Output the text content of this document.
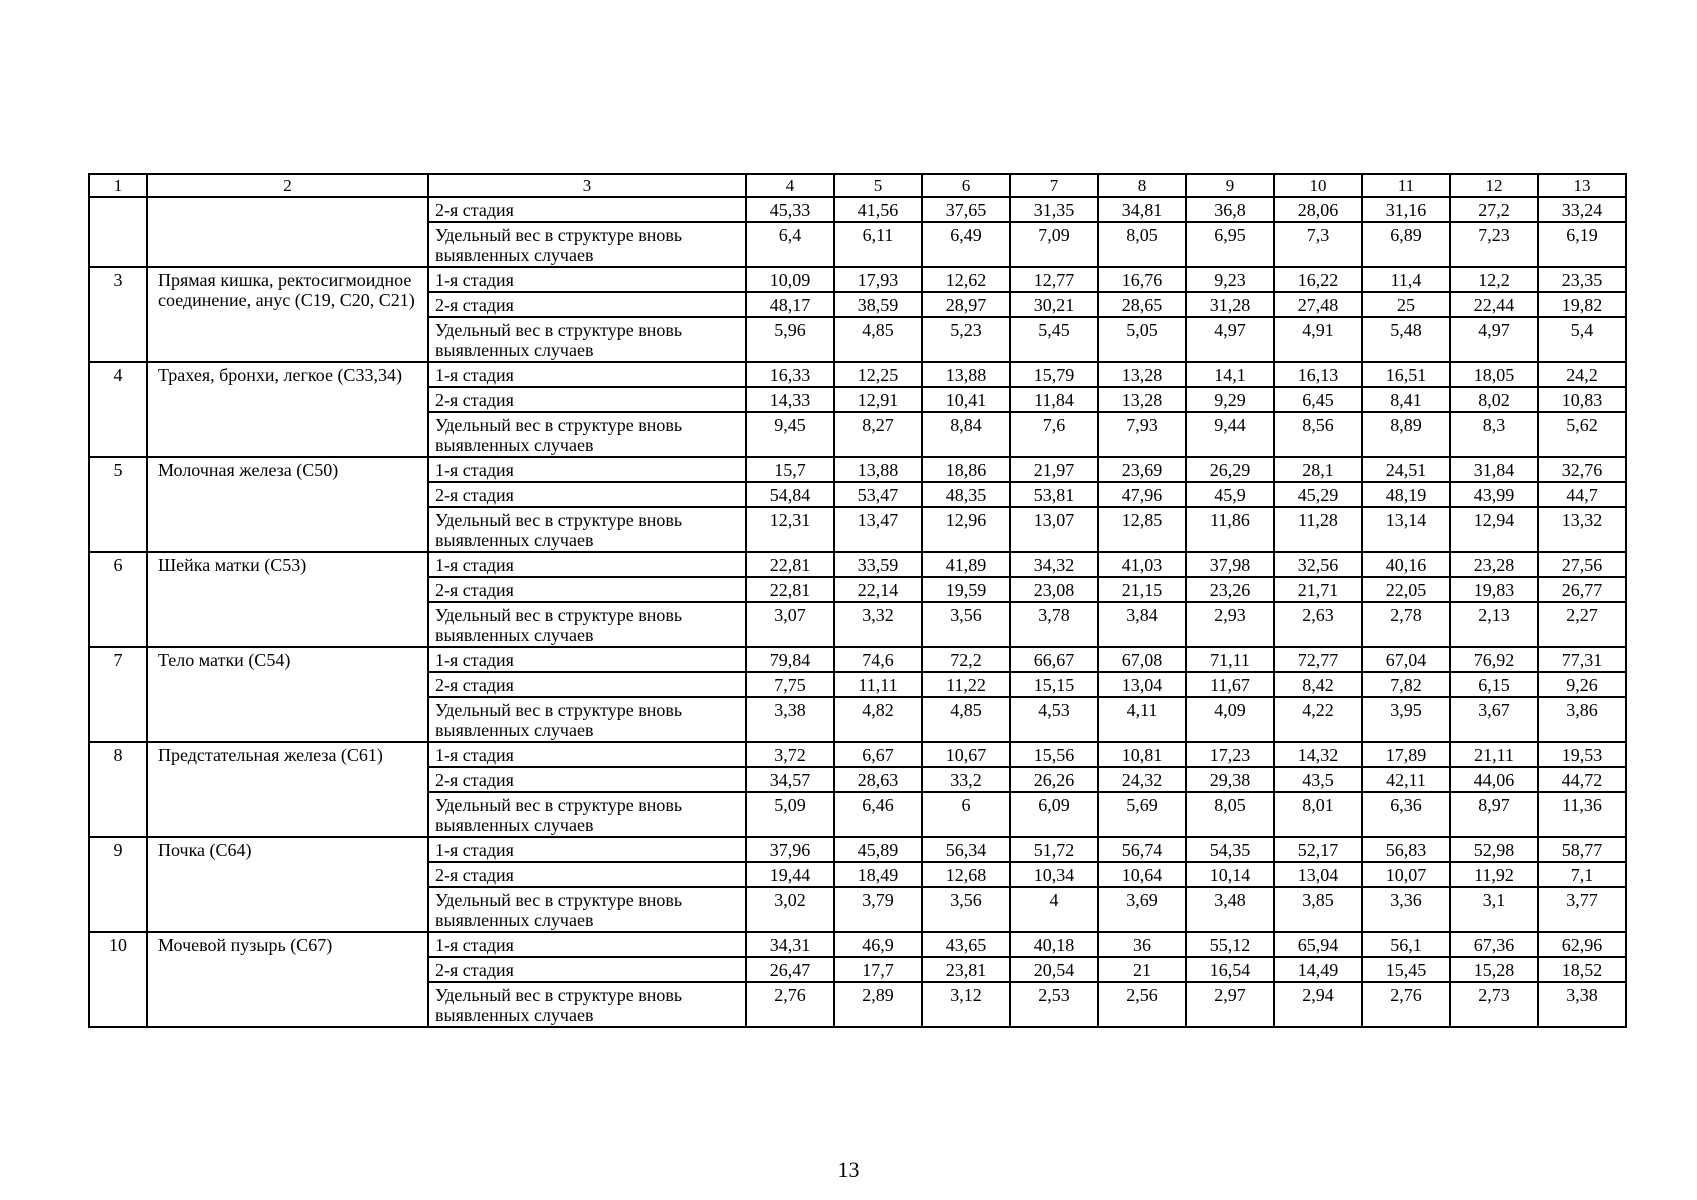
1	2	3	4	5	6	7	8	9	10	11	12	13
		2-я стадия	45,33	41,56	37,65	31,35	34,81	36,8	28,06	31,16	27,2	33,24
		Удельный вес в структуре вновь выявленных случаев	6,4	6,11	6,49	7,09	8,05	6,95	7,3	6,89	7,23	6,19
3	Прямая кишка, ректосигмоидное соединение, анус (С19, С20, С21)	1-я стадия	10,09	17,93	12,62	12,77	16,76	9,23	16,22	11,4	12,2	23,35
		2-я стадия	48,17	38,59	28,97	30,21	28,65	31,28	27,48	25	22,44	19,82
		Удельный вес в структуре вновь выявленных случаев	5,96	4,85	5,23	5,45	5,05	4,97	4,91	5,48	4,97	5,4
4	Трахея, бронхи, легкое (С33,34)	1-я стадия	16,33	12,25	13,88	15,79	13,28	14,1	16,13	16,51	18,05	24,2
		2-я стадия	14,33	12,91	10,41	11,84	13,28	9,29	6,45	8,41	8,02	10,83
		Удельный вес в структуре вновь выявленных случаев	9,45	8,27	8,84	7,6	7,93	9,44	8,56	8,89	8,3	5,62
5	Молочная железа (С50)	1-я стадия	15,7	13,88	18,86	21,97	23,69	26,29	28,1	24,51	31,84	32,76
		2-я стадия	54,84	53,47	48,35	53,81	47,96	45,9	45,29	48,19	43,99	44,7
		Удельный вес в структуре вновь выявленных случаев	12,31	13,47	12,96	13,07	12,85	11,86	11,28	13,14	12,94	13,32
6	Шейка матки (С53)	1-я стадия	22,81	33,59	41,89	34,32	41,03	37,98	32,56	40,16	23,28	27,56
		2-я стадия	22,81	22,14	19,59	23,08	21,15	23,26	21,71	22,05	19,83	26,77
		Удельный вес в структуре вновь выявленных случаев	3,07	3,32	3,56	3,78	3,84	2,93	2,63	2,78	2,13	2,27
7	Тело матки (С54)	1-я стадия	79,84	74,6	72,2	66,67	67,08	71,11	72,77	67,04	76,92	77,31
		2-я стадия	7,75	11,11	11,22	15,15	13,04	11,67	8,42	7,82	6,15	9,26
		Удельный вес в структуре вновь выявленных случаев	3,38	4,82	4,85	4,53	4,11	4,09	4,22	3,95	3,67	3,86
8	Предстательная железа (С61)	1-я стадия	3,72	6,67	10,67	15,56	10,81	17,23	14,32	17,89	21,11	19,53
		2-я стадия	34,57	28,63	33,2	26,26	24,32	29,38	43,5	42,11	44,06	44,72
		Удельный вес в структуре вновь выявленных случаев	5,09	6,46	6	6,09	5,69	8,05	8,01	6,36	8,97	11,36
9	Почка (С64)	1-я стадия	37,96	45,89	56,34	51,72	56,74	54,35	52,17	56,83	52,98	58,77
		2-я стадия	19,44	18,49	12,68	10,34	10,64	10,14	13,04	10,07	11,92	7,1
		Удельный вес в структуре вновь выявленных случаев	3,02	3,79	3,56	4	3,69	3,48	3,85	3,36	3,1	3,77
10	Мочевой пузырь (С67)	1-я стадия	34,31	46,9	43,65	40,18	36	55,12	65,94	56,1	67,36	62,96
		2-я стадия	26,47	17,7	23,81	20,54	21	16,54	14,49	15,45	15,28	18,52
		Удельный вес в структуре вновь выявленных случаев	2,76	2,89	3,12	2,53	2,56	2,97	2,94	2,76	2,73	3,38
13
